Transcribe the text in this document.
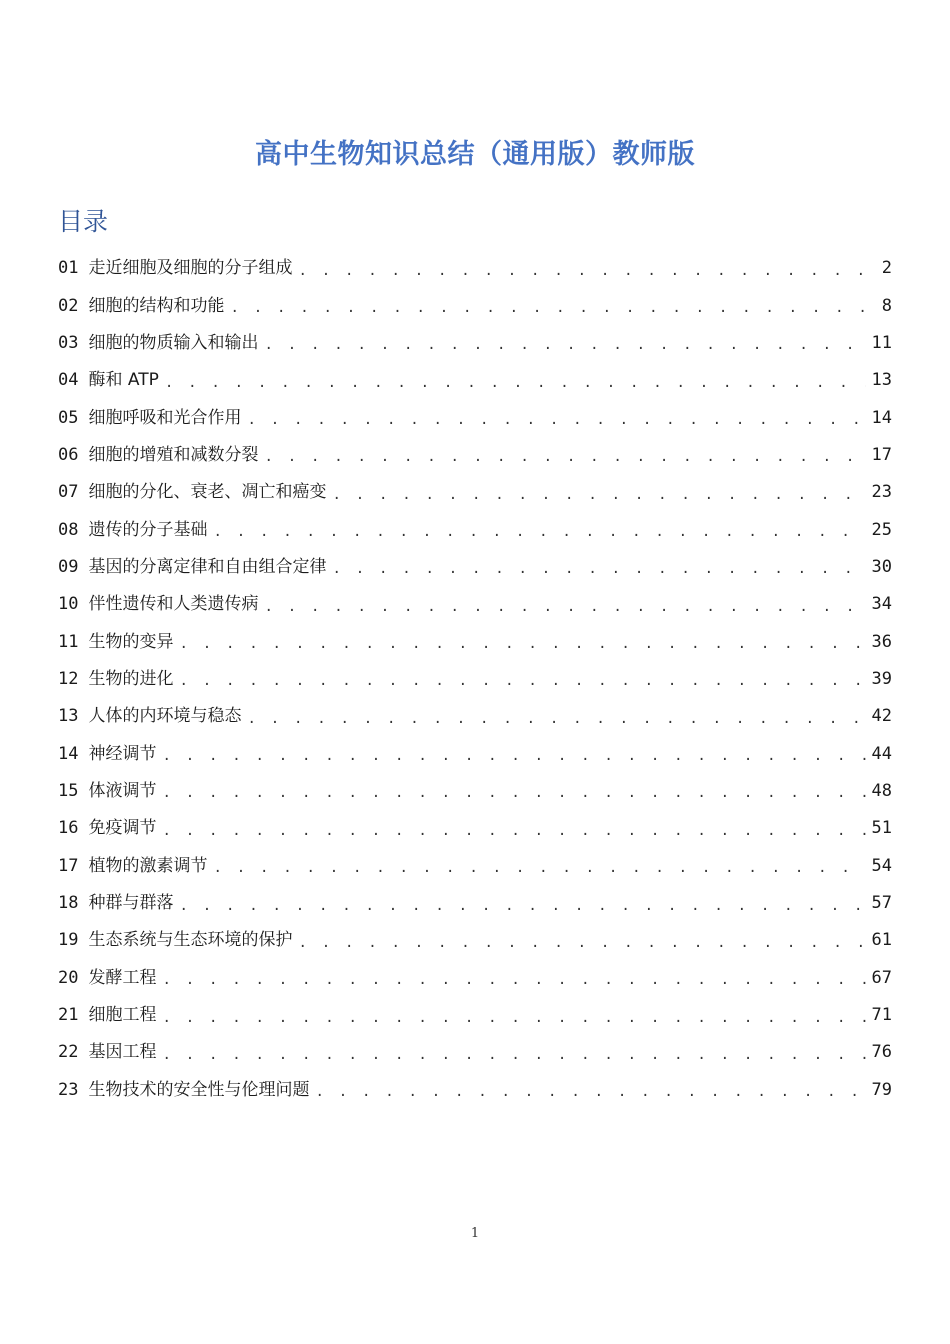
高中生物知识总结（通用版）教师版
目录
01 走近细胞及细胞的分子组成 . . .	2
02 细胞的结构和功能 . . .	8
03 细胞的物质输入和输出 . . .	11
04 酶和 ATP . . .	13
05 细胞呼吸和光合作用 . . .	14
06 细胞的增殖和减数分裂 . . .	17
07 细胞的分化、衰老、凋亡和癌变 . . .	23
08 遗传的分子基础 . . .	25
09 基因的分离定律和自由组合定律 . . .	30
10 伴性遗传和人类遗传病 . . .	34
11 生物的变异 . . .	36
12 生物的进化 . . .	39
13 人体的内环境与稳态 . . .	42
14 神经调节 . . .	44
15 体液调节 . . .	48
16 免疫调节 . . .	51
17 植物的激素调节 . . .	54
18 种群与群落 . . .	57
19 生态系统与生态环境的保护 . . .	61
20 发酵工程 . . .	67
21 细胞工程 . . .	71
22 基因工程 . . .	76
23 生物技术的安全性与伦理问题 . . .	79
1
